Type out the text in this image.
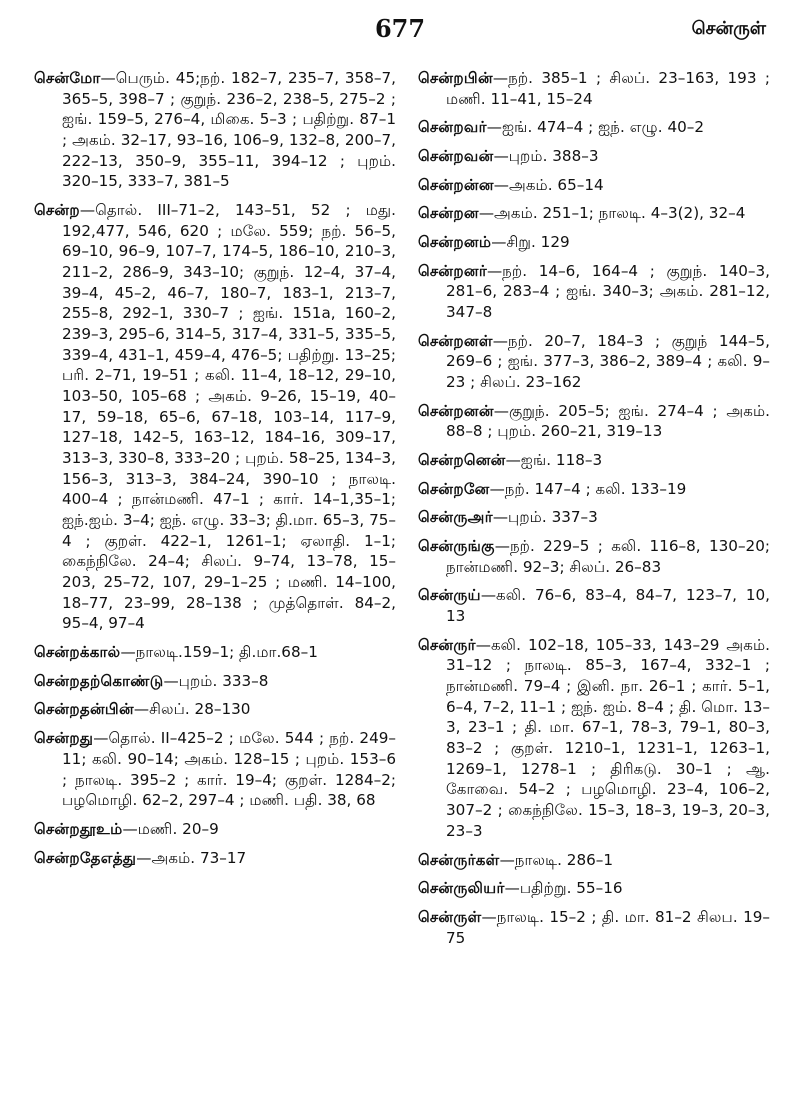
677	சென்ருள்

சென்மோ—பெரும். 45;நற். 182–7, 235–7, 358–7, 365–5, 398–7 ; குறுந். 236–2, 238–5, 275–2 ; ஐங். 159–5, 276–4, மிகை. 5–3 ; பதிற்று. 87–1 ; அகம். 32–17, 93–16, 106–9, 132–8, 200–7, 222–13, 350–9, 355–11, 394–12 ; புறம். 320–15, 333–7, 381–5

சென்ற—தொல். III–71–2, 143–51, 52 ; மது. 192,477, 546, 620 ; மலே. 559; நற். 56–5, 69–10, 96–9, 107–7, 174–5, 186–10, 210–3, 211–2, 286–9, 343–10; குறுந். 12–4, 37–4, 39–4, 45–2, 46–7, 180–7, 183–1, 213–7, 255–8, 292–1, 330–7 ; ஐங். 151a, 160–2, 239–3, 295–6, 314–5, 317–4, 331–5, 335–5, 339–4, 431–1, 459–4, 476–5; பதிற்று. 13–25; பரி. 2–71, 19–51 ; கலி. 11–4, 18–12, 29–10, 103–50, 105–68 ; அகம். 9–26, 15–19, 40–17, 59–18, 65–6, 67–18, 103–14, 117–9, 127–18, 142–5, 163–12, 184–16, 309–17, 313–3, 330–8, 333–20 ; புறம். 58–25, 134–3, 156–3, 313–3, 384–24, 390–10 ; நாலடி. 400–4 ; நான்மணி. 47–1 ; கார். 14–1,35–1; ஐந்.ஐம். 3–4; ஐந். எழு. 33–3; தி.மா. 65–3, 75–4 ; குறள். 422–1, 1261–1; ஏலாதி. 1–1; கைந்நிலே. 24–4; சிலப். 9–74, 13–78, 15–203, 25–72, 107, 29–1–25 ; மணி. 14–100, 18–77, 23–99, 28–138 ; முத்தொள். 84–2, 95–4, 97–4

சென்றக்கால்—நாலடி.159–1; தி.மா.68–1

சென்றதற்கொண்டு—புறம். 333–8

சென்றதன்பின்—சிலப். 28–130

சென்றது—தொல். II–425–2 ; மலே. 544 ; நற். 249–11; கலி. 90–14; அகம். 128–15 ; புறம். 153–6 ; நாலடி. 395–2 ; கார். 19–4; குறள். 1284–2; பழமொழி. 62–2, 297–4 ; மணி. பதி. 38, 68

சென்றதூஉம்—மணி. 20–9

சென்றதேஎத்து—அகம். 73–17

சென்றபின்—நற். 385–1 ; சிலப். 23–163, 193 ; மணி. 11–41, 15–24

சென்றவர்—ஐங். 474–4 ; ஐந். எழு. 40–2

சென்றவன்—புறம். 388–3

சென்றன்ன—அகம். 65–14

சென்றன—அகம். 251–1; நாலடி. 4–3(2), 32–4

சென்றனம்—சிறு. 129

சென்றனர்—நற். 14–6, 164–4 ; குறுந். 140–3, 281–6, 283–4 ; ஐங். 340–3; அகம். 281–12, 347–8

சென்றனள்—நற். 20–7, 184–3 ; குறுந் 144–5, 269–6 ; ஐங். 377–3, 386–2, 389–4 ; கலி. 9–23 ; சிலப். 23–162

சென்றனன்—குறுந். 205–5; ஐங். 274–4 ; அகம். 88–8 ; புறம். 260–21, 319–13

சென்றனென்—ஐங். 118–3

சென்றனே—நற். 147–4 ; கலி. 133–19

சென்ருஅர்—புறம். 337–3

சென்ருங்கு—நற். 229–5 ; கலி. 116–8, 130–20; நான்மணி. 92–3; சிலப். 26–83

சென்ருய்—கலி. 76–6, 83–4, 84–7, 123–7, 10, 13

சென்ருர்—கலி. 102–18, 105–33, 143–29 அகம். 31–12 ; நாலடி. 85–3, 167–4, 332–1 ; நான்மணி. 79–4 ; இனி. நா. 26–1 ; கார். 5–1, 6–4, 7–2, 11–1 ; ஐந். ஐம். 8–4 ; தி. மொ. 13–3, 23–1 ; தி. மா. 67–1, 78–3, 79–1, 80–3, 83–2 ; குறள். 1210–1, 1231–1, 1263–1, 1269–1, 1278–1 ; திரிகடு. 30–1 ; ஆ. கோவை. 54–2 ; பழமொழி. 23–4, 106–2, 307–2 ; கைந்நிலே. 15–3, 18–3, 19–3, 20–3, 23–3

சென்ருர்கள்—நாலடி. 286–1

சென்ருலியர்—பதிற்று. 55–16

சென்ருள்—நாலடி. 15–2 ; தி. மா. 81–2 சிலப. 19–75
